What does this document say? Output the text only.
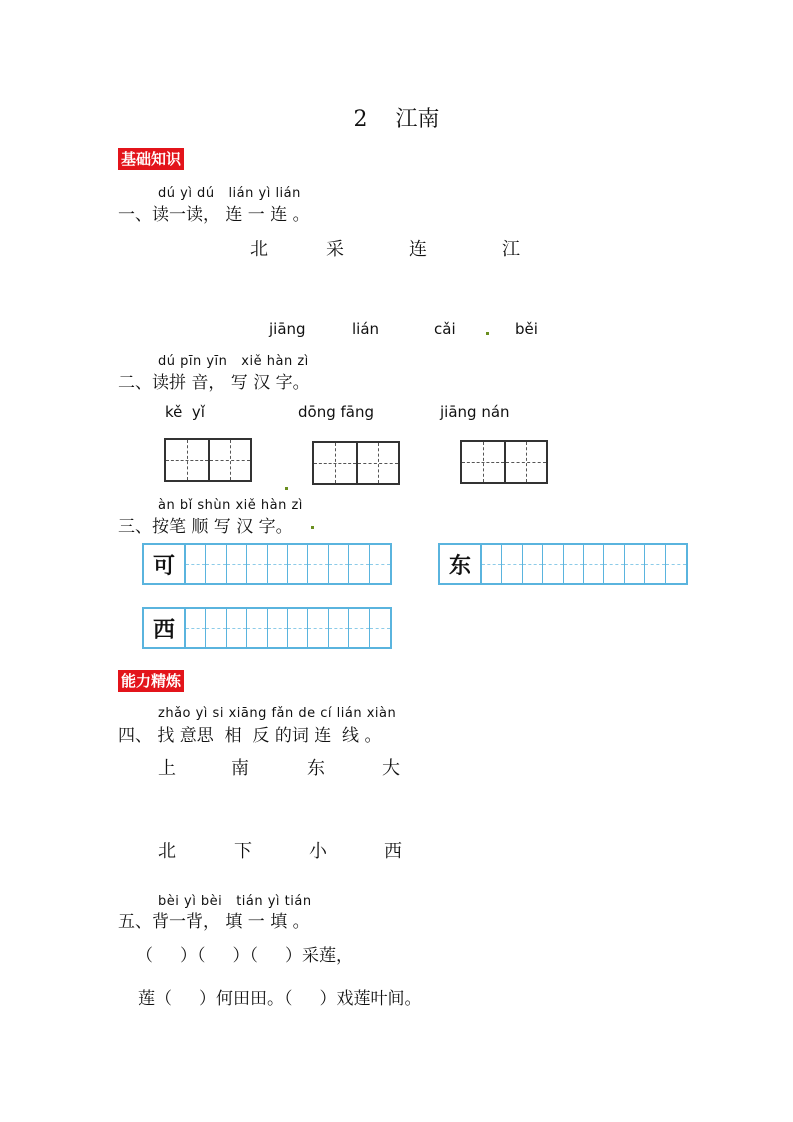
2 江南
基础知识
dú yì dú   lián yì lián
一、读一读， 连 一 连 。
北	采	连	江
jiāng	lián	cǎi	běi
dú pīn yīn   xiě hàn zì
二、读拼 音， 写 汉 字。
kě  yǐ	dōng fāng	jiāng nán
àn bǐ shùn xiě hàn zì
三、按笔 顺 写 汉 字。
可	东
西
能力精炼
zhǎo yì si xiāng fǎn de cí lián xiàn
四、 找 意思  相  反 的词 连  线 。
上	南	东	大
北	下	小	西
bèi yì bèi   tián yì tián
五、背一背， 填 一 填 。
（     ）（     ）（     ）采莲，
莲（     ）何田田。（     ）戏莲叶间。
